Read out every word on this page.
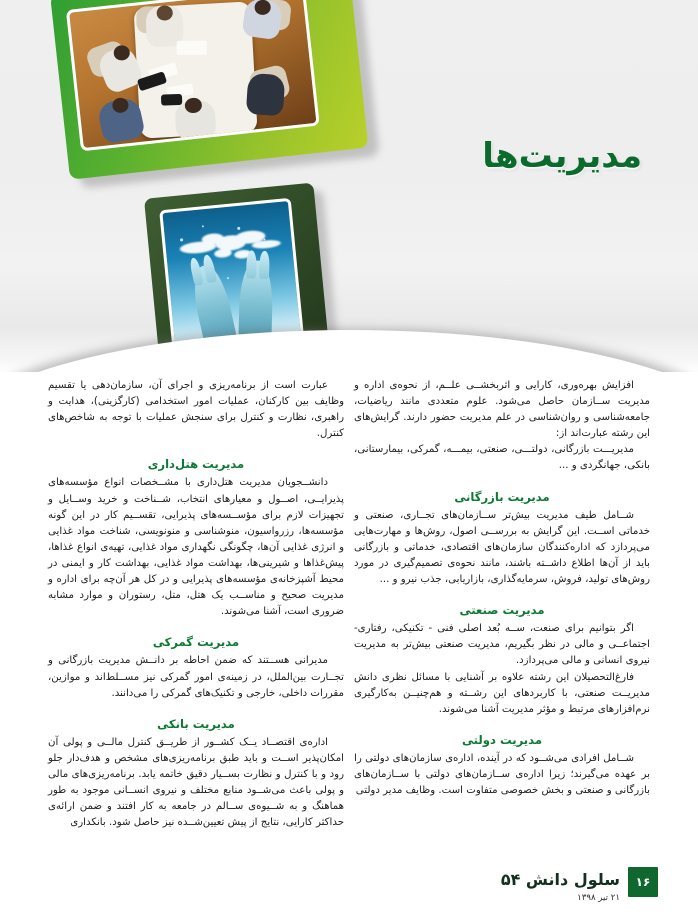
مدیریت‌ها

افزایش بهره‌وری، کارایی و اثربخشــی علــم، از نحوه‌ی اداره و مدیریت ســازمان حاصل می‌شود. علوم متعددی مانند ریاضیات، جامعه‌شناسی و روان‌شناسی در علم مدیریت حضور دارند. گرایش‌های این رشته عبارت‌اند از:

مدیریـــت بازرگانی، دولتـــی، صنعتی، بیمـــه، گمرکی، بیمارستانی، بانکی، جهانگردی و ...

مدیریت بازرگانی

شــامل طیف مدیریت بیش‌تر ســازمان‌های تجــاری، صنعتی و خدماتی اســت. این گرایش به بررســی اصول، روش‌ها و مهارت‌هایی می‌پردازد که اداره‌کنندگان سازمان‌های اقتصادی، خدماتی و بازرگانی باید از آن‌ها اطلاع داشــته باشند، مانند نحوه‌ی تصمیم‌گیری در مورد روش‌های تولید، فروش، سرمایه‌گذاری، بازاریابی، جذب نیرو و ...

مدیریت صنعتی

اگر بتوانیم برای صنعت، ســه بُعد اصلی فنی - تکنیکی، رفتاری- اجتماعــی و مالی در نظر بگیریم، مدیریت صنعتی بیش‌تر به مدیریت نیروی انسانی و مالی می‌پردازد.

فارغ‌التحصیلان این رشته علاوه بر آشنایی با مسائل نظری دانش مدیریــت صنعتی، با کاربردهای این رشــته و هم‌چنیــن به‌کارگیری نرم‌افزارهای مرتبط و مؤثر مدیریت آشنا می‌شوند.

مدیریت دولتی

شــامل افرادی می‌شــود که در آینده، اداره‌ی سازمان‌های دولتی را بر عهده می‌گیرند؛ زیرا اداره‌ی ســازمان‌های دولتی با ســازمان‌های بازرگانی و صنعتی و بخش خصوصی متفاوت است. وظایف مدیر دولتی

عبارت است از برنامه‌ریزی و اجرای آن، سازمان‌دهی یا تقسیم وظایف بین کارکنان، عملیات امور استخدامی (کارگزینی)، هدایت و راهبری، نظارت و کنترل برای سنجش عملیات با توجه به شاخص‌های کنترل.

مدیریت هتل‌داری

دانشــجویان مدیریت هتل‌داری با مشــخصات انواع مؤسسه‌های پذیرایــی، اصــول و معیارهای انتخاب، شــناخت و خرید وســایل و تجهیزات لازم برای مؤســسه‌های پذیرایی، تقســیم کار در این گونه مؤسسه‌ها، رزرواسیون، منوشناسی و منونویسی، شناخت مواد غذایی و انرژی غذایی آن‌ها، چگونگی نگهداری مواد غذایی، تهیه‌ی انواع غذاها، پیش‌غذاها و شیرینی‌ها، بهداشت مواد غذایی، بهداشت کار و ایمنی در محیط آشپزخانه‌ی مؤسسه‌های پذیرایی و در کل هر آن‌چه برای اداره و مدیریت صحیح و مناســب یک هتل، متل، رستوران و موارد مشابه ضروری است، آشنا می‌شوند.

مدیریت گمرکی

مدیرانی هســتند که ضمن احاطه بر دانــش مدیریت بازرگانی و تجــارت بین‌الملل، در زمینه‌ی امور گمرکی نیز مســلط‌اند و موازین، مقررات داخلی، خارجی و تکنیک‌های گمرکی را می‌دانند.

مدیریت بانکی

اداره‌ی اقتصــاد یــک کشــور از طریــق کنترل مالــی و پولی آن امکان‌پذیر اســت و باید طبق برنامه‌ریزی‌های مشخص و هدف‌دار جلو رود و با کنترل و نظارت بســیار دقیق خاتمه یابد. برنامه‌ریزی‌های مالی و پولی باعث می‌شــود منابع مختلف و نیروی انســانی موجود به طور هماهنگ و به شــیوه‌ی ســالم در جامعه به کار افتند و ضمن ارائه‌ی حداکثر کارایی، نتایج از پیش تعیین‌شــده نیز حاصل شود. بانکداری

۱۶
سلول دانش ۵۴
۲۱ تیر ۱۳۹۸
